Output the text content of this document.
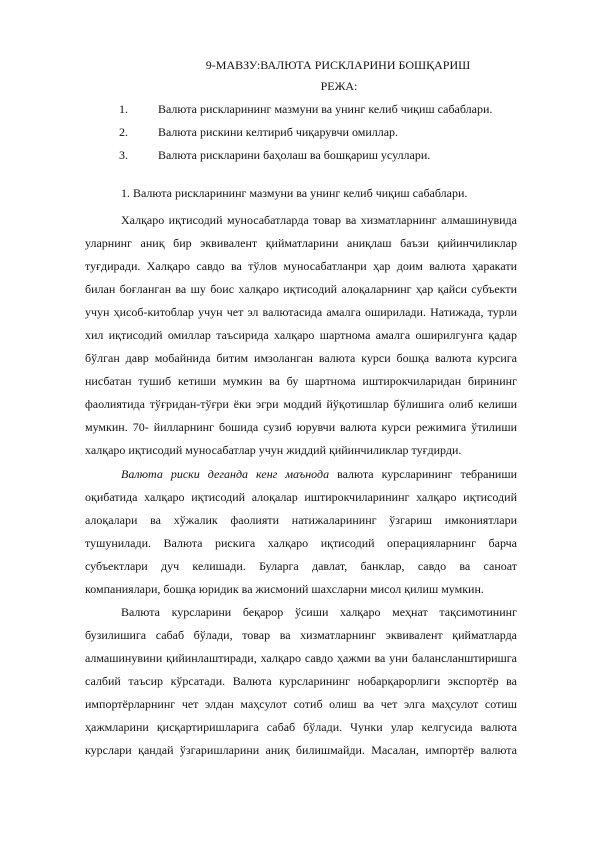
9-МАВЗУ:ВАЛЮТА РИСКЛАРИНИ БОШҚАРИШ
РЕЖА:
1.	Валюта рискларининг мазмуни ва унинг келиб чиқиш сабаблари.
2.	Валюта рискини келтириб чиқарувчи омиллар.
3.	Валюта рискларини баҳолаш ва бошқариш усуллари.
1. Валюта рискларининг мазмуни ва унинг келиб чиқиш сабаблари.
Халқаро иқтисодий муносабатларда товар ва хизматларнинг алмашинувида
уларнинг аниқ бир эквивалент қийматларини аниқлаш баъзи қийинчиликлар
туғдиради. Халқаро савдо ва тўлов муносабатланри ҳар доим валюта ҳаракати
билан боғланган ва шу боис халқаро иқтисодий алоқаларнинг ҳар қайси субъекти
учун ҳисоб-китоблар учун чет эл валютасида амалга оширилади. Натижада, турли
хил иқтисодий омиллар таъсирида халқаро шартнома амалга оширилгунга қадар
бўлган давр мобайнида битим имзоланган валюта курси бошқа валюта курсига
нисбатан тушиб кетиши мумкин ва бу шартнома иштирокчиларидан бирининг
фаолиятида тўғридан-тўғри ёки эгри моддий йўқотишлар бўлишига олиб келиши
мумкин. 70- йилларнинг бошида сузиб юрувчи валюта курси режимига ўтилиши
халқаро иқтисодий муносабатлар учун жиддий қийинчиликлар туғдирди.
Валюта риски деганда кенг маънода валюта курсларининг тебраниши
оқибатида халқаро иқтисодий алоқалар иштирокчиларининг халқаро иқтисодий
алоқалари ва хўжалик фаолияти натижаларининг ўзгариш имкониятлари
тушунилади. Валюта рискига халқаро иқтисодий операцияларнинг барча
субъектлари дуч келишади. Буларга давлат, банклар, савдо ва саноат
компаниялари, бошқа юридик ва жисмоний шахсларни мисол қилиш мумкин.
Валюта курсларини беқарор ўсиши халқаро меҳнат тақсимотининг
бузилишига сабаб бўлади, товар ва хизматларнинг эквивалент қийматларда
алмашинувини қийинлаштиради, халқаро савдо ҳажми ва уни балансланштиришга
салбий таъсир кўрсатади. Валюта курсларининг нобарқарорлиги экспортёр ва
импортёрларнинг чет элдан маҳсулот сотиб олиш ва чет элга маҳсулот сотиш
ҳажмларини қисқартиришларига сабаб бўлади. Чунки улар келгусида валюта
курслари қандай ўзгаришларини аниқ билишмайди. Масалан, импортёр валюта
